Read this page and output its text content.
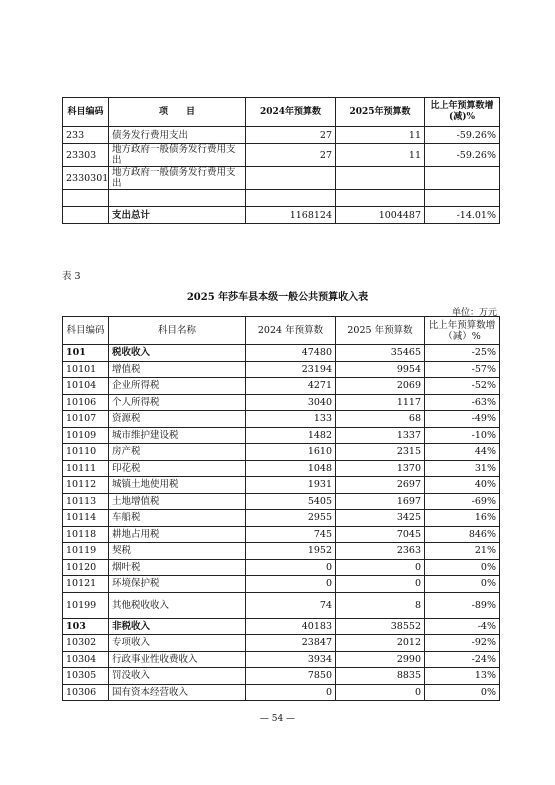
科目编码	项　　目	2024年预算数	2025年预算数	比上年预算数增(减)%
233	债务发行费用支出	27	11	-59.26%
23303	地方政府一般债务发行费用支出	27	11	-59.26%
2330301	地方政府一般债务发行费用支出			

	支出总计	1168124	1004487	-14.01%
表 3
2025 年莎车县本级一般公共预算收入表
单位：万元
科目编码	科目名称	2024 年预算数	2025 年预算数	比上年预算数增（减）%
101	税收收入	47480	35465	-25%
10101	增值税	23194	9954	-57%
10104	企业所得税	4271	2069	-52%
10106	个人所得税	3040	1117	-63%
10107	资源税	133	68	-49%
10109	城市维护建设税	1482	1337	-10%
10110	房产税	1610	2315	44%
10111	印花税	1048	1370	31%
10112	城镇土地使用税	1931	2697	40%
10113	土地增值税	5405	1697	-69%
10114	车船税	2955	3425	16%
10118	耕地占用税	745	7045	846%
10119	契税	1952	2363	21%
10120	烟叶税	0	0	0%
10121	环境保护税	0	0	0%
10199	其他税收收入	74	8	-89%
103	非税收入	40183	38552	-4%
10302	专项收入	23847	2012	-92%
10304	行政事业性收费收入	3934	2990	-24%
10305	罚没收入	7850	8835	13%
10306	国有资本经营收入	0	0	0%
— 54 —
